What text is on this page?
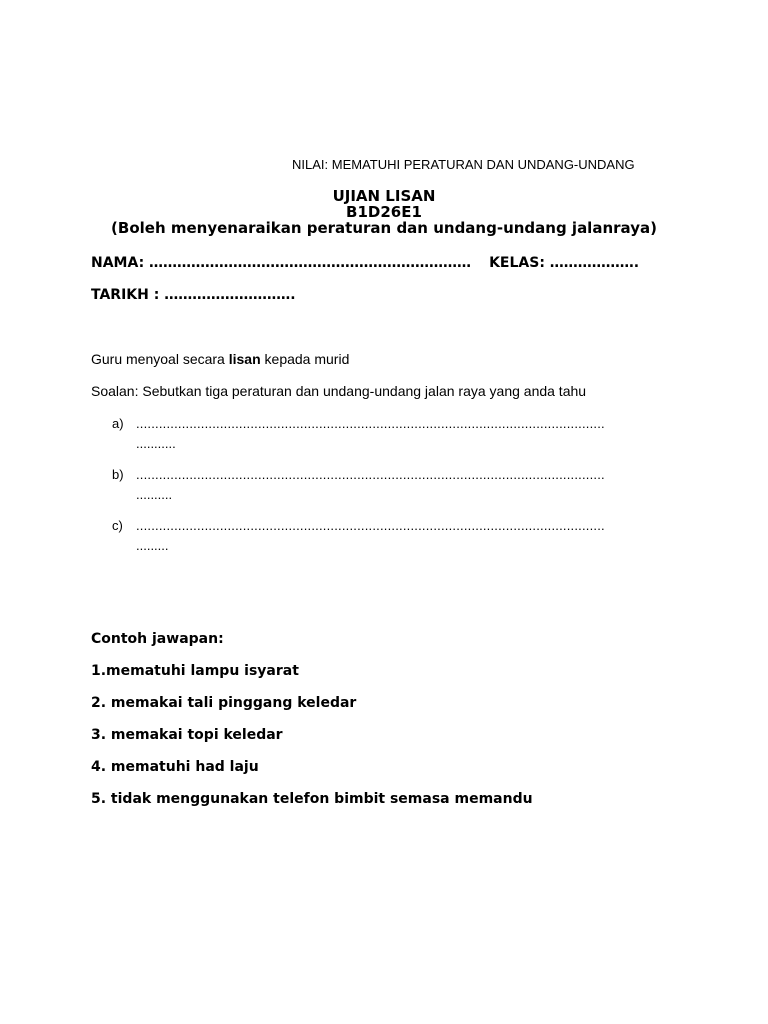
NILAI: MEMATUHI PERATURAN DAN UNDANG-UNDANG
UJIAN LISAN
B1D26E1
(Boleh menyenaraikan peraturan dan undang-undang jalanraya)
NAMA: …………………………………………………………… KELAS: ……………….
TARIKH : ……………………….
Guru menyoal secara lisan kepada murid
Soalan: Sebutkan tiga peraturan dan undang-undang jalan raya yang anda tahu
a) ...........................................................................................................................
...........
b) ...........................................................................................................................
..........
c) ...........................................................................................................................
.........
Contoh jawapan:
1.mematuhi lampu isyarat
2. memakai tali pinggang keledar
3. memakai topi keledar
4. mematuhi had laju
5. tidak menggunakan telefon bimbit semasa memandu
